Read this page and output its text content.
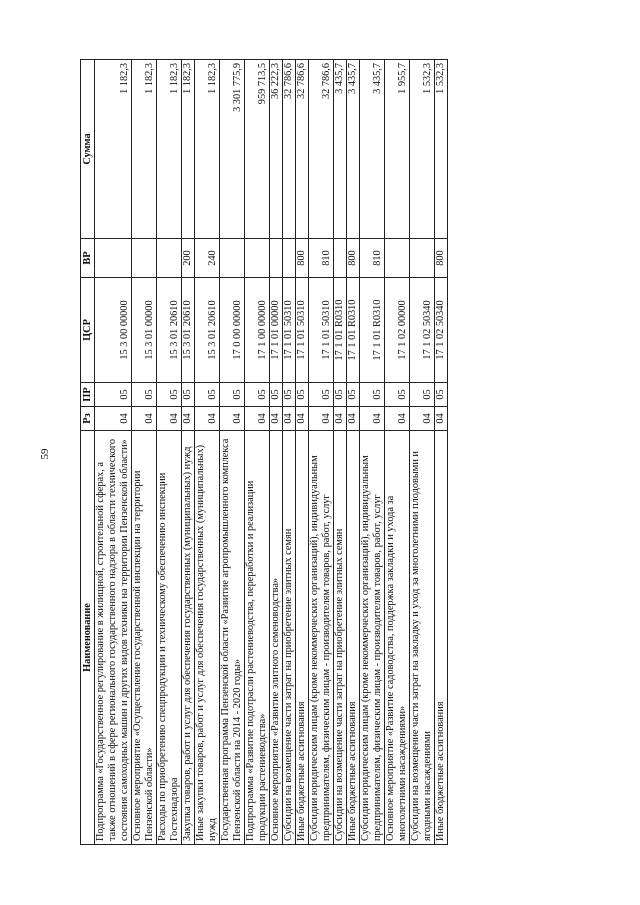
59
Наименование	Рз	ПР	ЦСР	ВР	Сумма
Подпрограмма «Государственное регулирование в жилищной, строительной сферах, а также отношений в сфере регионального государственного надзора в области технического состояния самоходных машин и других видов техники на территории Пензенской области»	04	05	15 3 00 00000		1 182,3
Основное мероприятие «Осуществление государственной инспекции на территории Пензенской области»	04	05	15 3 01 00000		1 182,3
Расходы по приобретению спецпродукции и техническому обеспечению инспекции Гостехнадзора	04	05	15 3 01 20610		1 182,3
Закупка товаров, работ и услуг для обеспечения государственных (муниципальных) нужд	04	05	15 3 01 20610	200	1 182,3
Иные закупки товаров, работ и услуг для обеспечения государственных (муниципальных) нужд	04	05	15 3 01 20610	240	1 182,3
Государственная программа Пензенской области «Развитие агропромышленного комплекса Пензенской области на 2014 - 2020 годы»	04	05	17 0 00 00000		3 301 775,9
Подпрограмма «Развитие подотрасли растениеводства, переработки и реализации продукции растениеводства»	04	05	17 1 00 00000		959 713,5
Основное мероприятие «Развитие элитного семеноводства»	04	05	17 1 01 00000		36 222,3
Субсидии на возмещение части затрат на приобретение элитных семян	04	05	17 1 01 50310		32 786,6
Иные бюджетные ассигнования	04	05	17 1 01 50310	800	32 786,6
Субсидии юридическим лицам (кроме некоммерческих организаций), индивидуальным предпринимателям, физическим лицам - производителям товаров, работ, услуг	04	05	17 1 01 50310	810	32 786,6
Субсидии на возмещение части затрат на приобретение элитных семян	04	05	17 1 01 R0310		3 435,7
Иные бюджетные ассигнования	04	05	17 1 01 R0310	800	3 435,7
Субсидии юридическим лицам (кроме некоммерческих организаций), индивидуальным предпринимателям, физическим лицам - производителям товаров, работ, услуг	04	05	17 1 01 R0310	810	3 435,7
Основное мероприятие «Развитие садоводства, поддержка закладки и ухода за многолетними насаждениями»	04	05	17 1 02 00000		1 955,7
Субсидии на возмещение части затрат на закладку и уход за многолетними плодовыми и ягодными насаждениями	04	05	17 1 02 50340		1 532,3
Иные бюджетные ассигнования	04	05	17 1 02 50340	800	1 532,3
